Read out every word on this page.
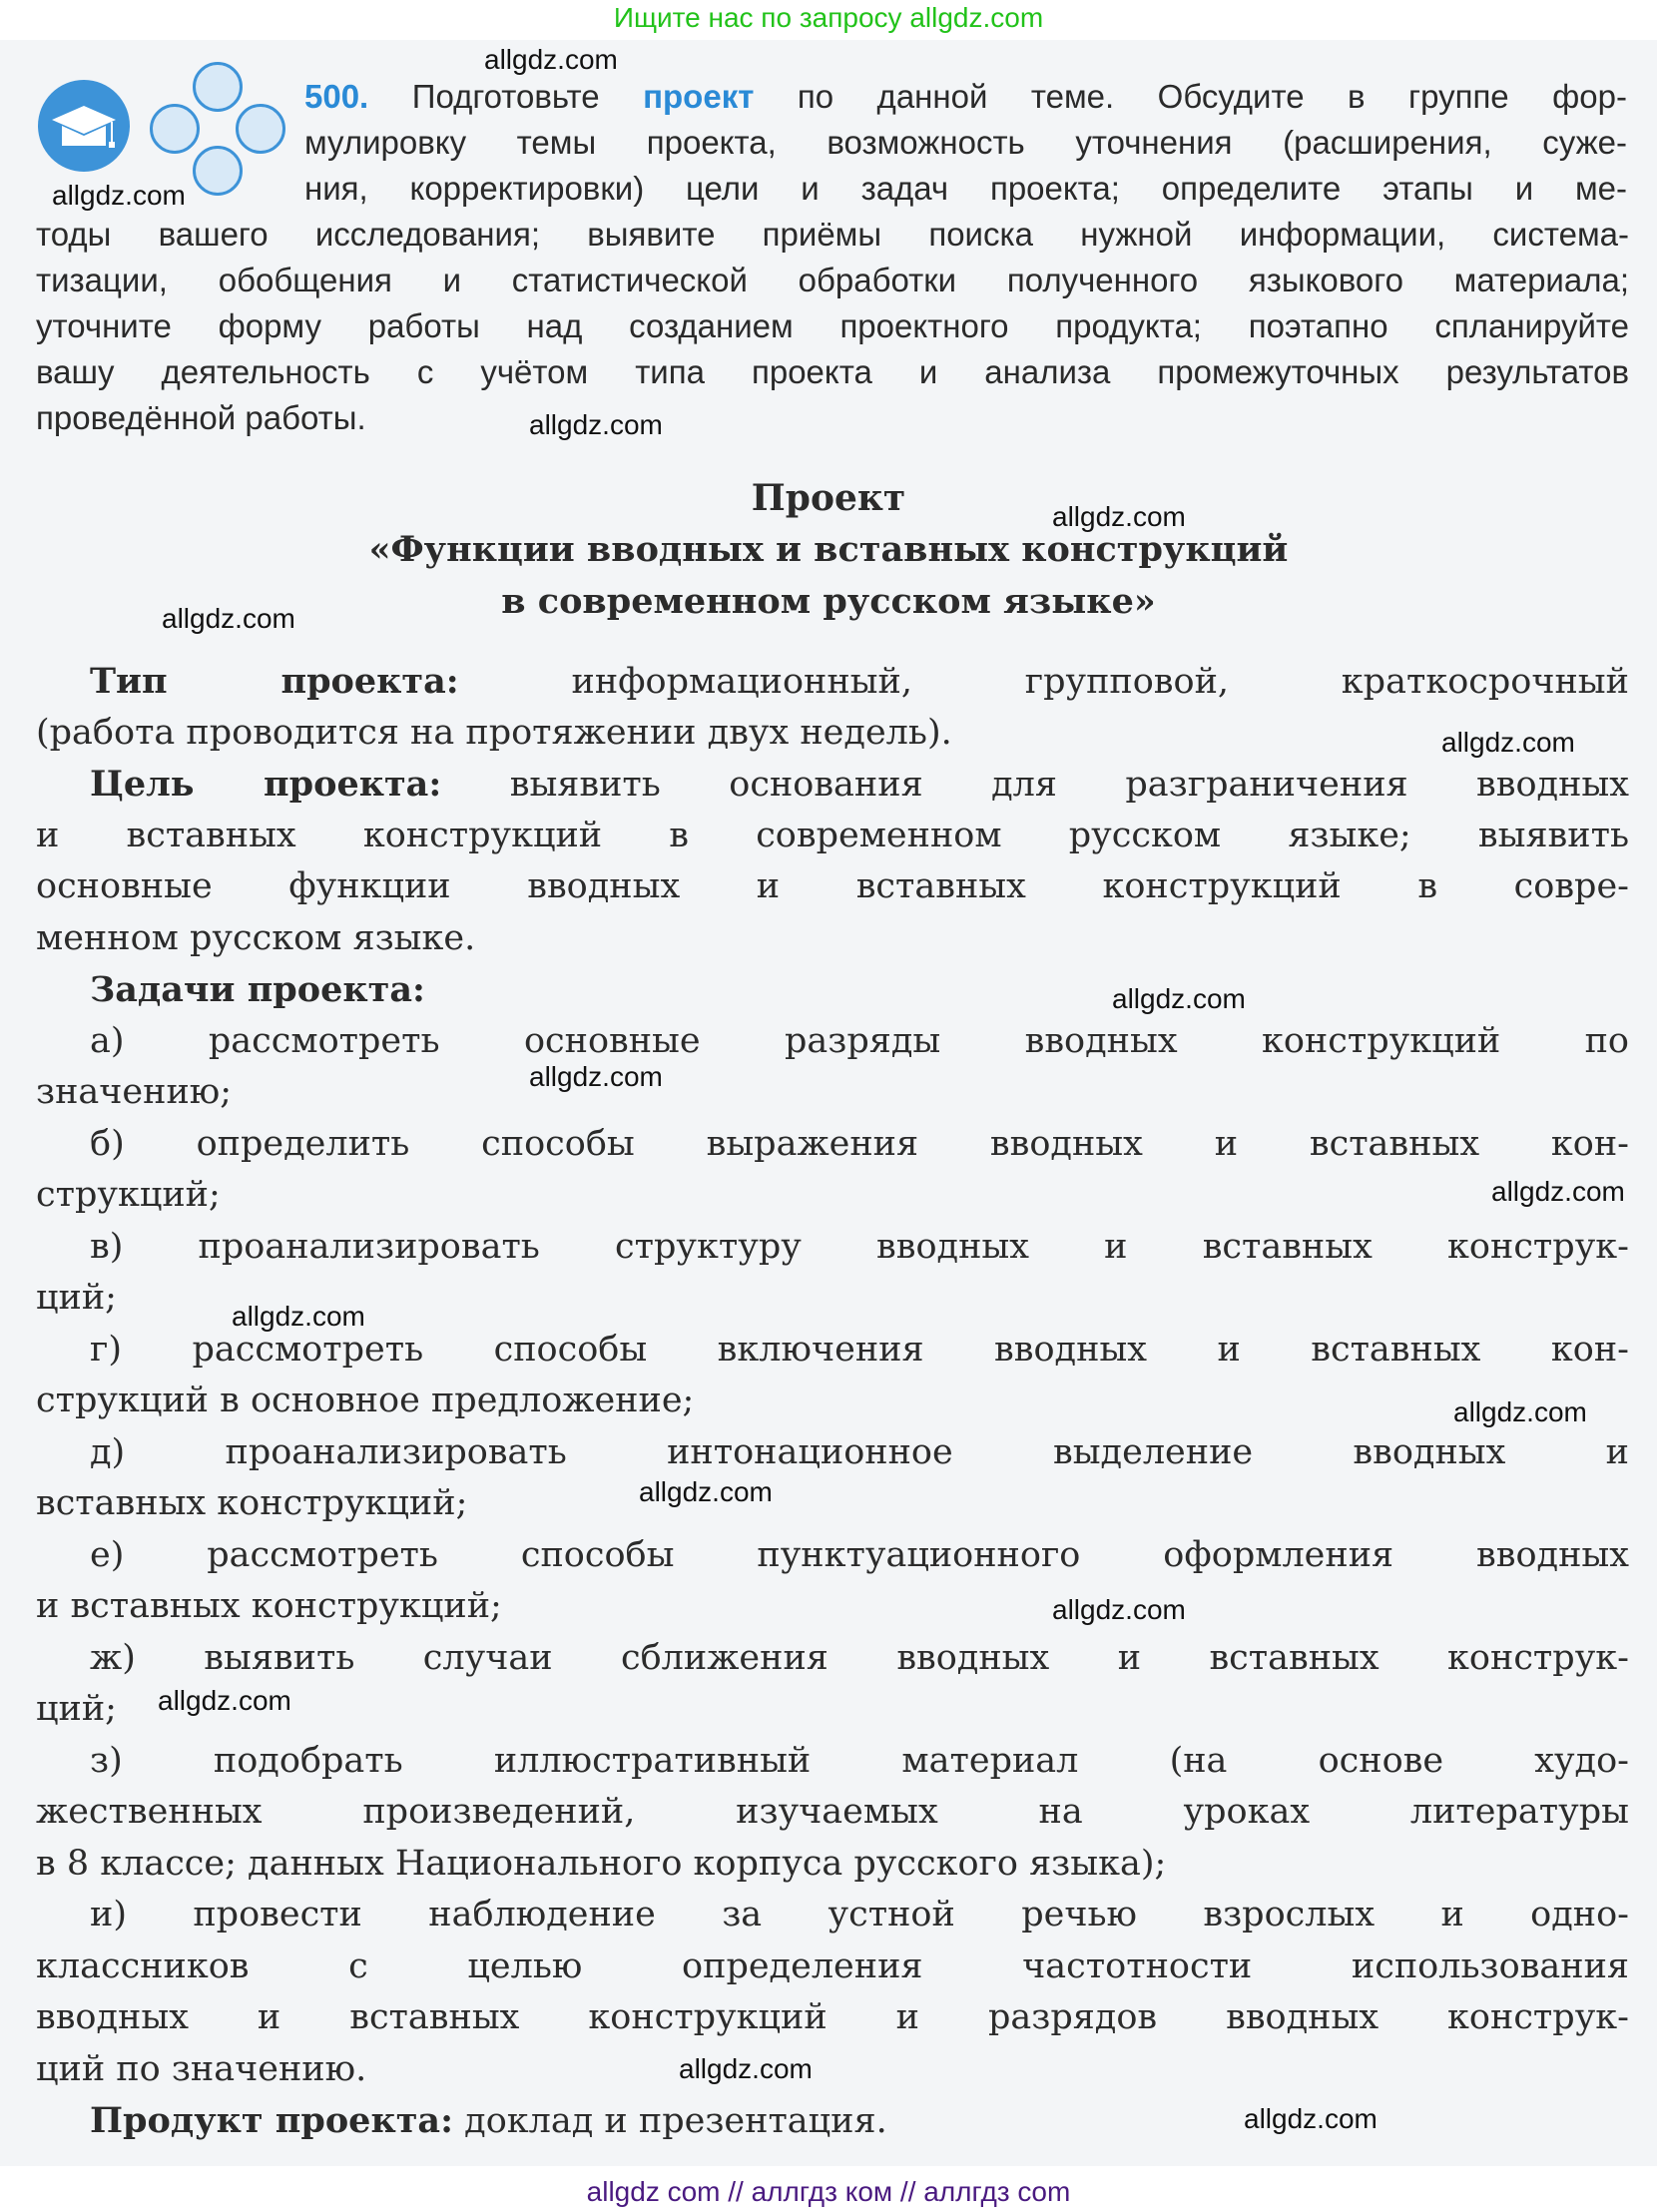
Ищите нас по запросу allgdz.com
500. Подготовьте проект по данной теме. Обсудите в группе фор-
мулировку темы проекта, возможность уточнения (расширения, суже-
ния, корректировки) цели и задач проекта; определите этапы и ме-
тоды вашего исследования; выявите приёмы поиска нужной информации, система-
тизации, обобщения и статистической обработки полученного языкового материала;
уточните форму работы над созданием проектного продукта; поэтапно спланируйте
вашу деятельность с учётом типа проекта и анализа промежуточных результатов
проведённой работы.
Проект
«Функции вводных и вставных конструкций
в современном русском языке»
Тип проекта: информационный, групповой, краткосрочный
(работа проводится на протяжении двух недель).
Цель проекта: выявить основания для разграничения вводных
и вставных конструкций в современном русском языке; выявить
основные функции вводных и вставных конструкций в совре-
менном русском языке.
Задачи проекта:
а) рассмотреть основные разряды вводных конструкций по
значению;
б) определить способы выражения вводных и вставных кон-
струкций;
в) проанализировать структуру вводных и вставных конструк-
ций;
г) рассмотреть способы включения вводных и вставных кон-
струкций в основное предложение;
д) проанализировать интонационное выделение вводных и
вставных конструкций;
е) рассмотреть способы пунктуационного оформления вводных
и вставных конструкций;
ж) выявить случаи сближения вводных и вставных конструк-
ций;
з) подобрать иллюстративный материал (на основе худо-
жественных произведений, изучаемых на уроках литературы
в 8 классе; данных Национального корпуса русского языка);
и) провести наблюдение за устной речью взрослых и одно-
классников с целью определения частотности использования
вводных и вставных конструкций и разрядов вводных конструк-
ций по значению.
Продукт проекта: доклад и презентация.
allgdz.com
allgdz.com
allgdz.com
allgdz.com
allgdz.com
allgdz.com
allgdz.com
allgdz.com
allgdz.com
allgdz.com
allgdz.com
allgdz.com
allgdz.com
allgdz.com
allgdz.com
allgdz.com
allgdz com // аллгдз ком // аллгдз com
